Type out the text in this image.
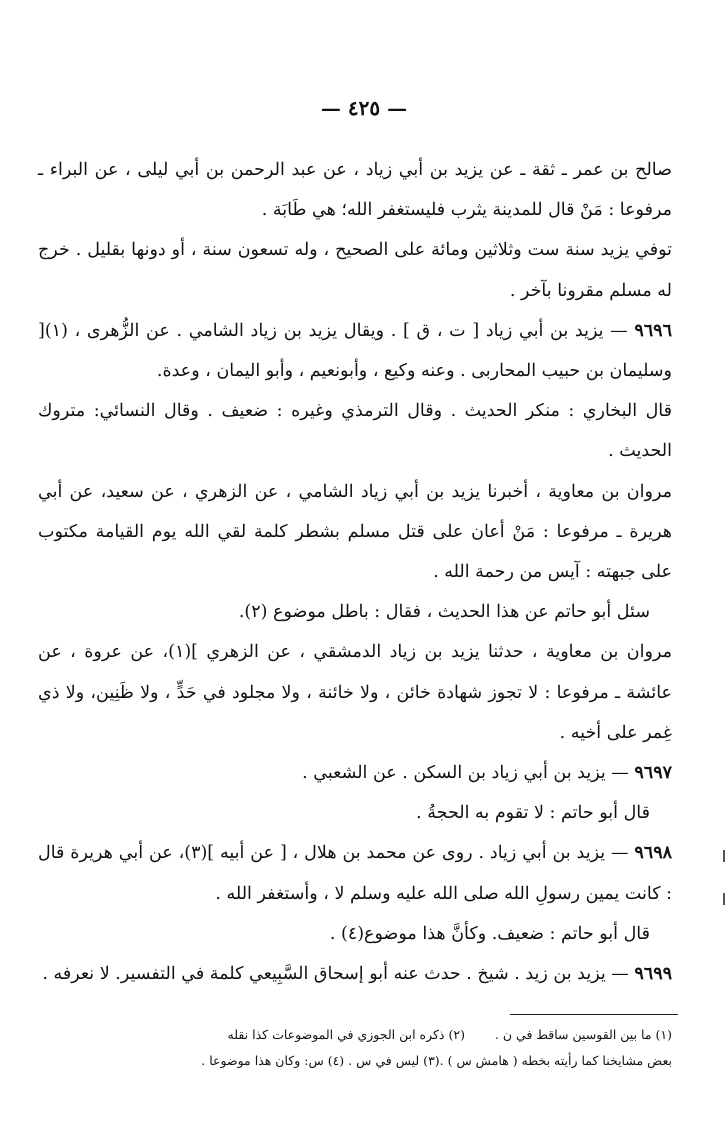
— ٤٢٥ —

صالح بن عمر ـ ثقة ـ عن يزيد بن أبي زياد ، عن عبد الرحمن بن أبي ليلى ، عن البراء ـ مرفوعا : مَنْ قال للمدينة يثرب فليستغفر الله؛ هي طَابَة .

توفي يزيد سنة ست وثلاثين ومائة على الصحيح ، وله تسعون سنة ، أو دونها بقليل . خرج له مسلم مقرونا بآخر .

٩٦٩٦ — يزيد بن أبي زياد [ ت ، ق ] . ويقال يزيد بن زياد الشامي . عن الزُّهرى ، (١)[ وسليمان بن حبيب المحاربى . وعنه وكيع ، وأبونعيم ، وأبو اليمان ، وعدة.

قال البخاري : منكر الحديث . وقال الترمذي وغيره : ضعيف . وقال النسائي: متروك الحديث .

مروان بن معاوية ، أخبرنا يزيد بن أبي زياد الشامي ، عن الزهري ، عن سعيد، عن أبي هريرة ـ مرفوعا : مَنْ أعان على قتل مسلم بشطر كلمة لقي الله يوم القيامة مكتوب على جبهته : آيس من رحمة الله .

سئل أبو حاتم عن هذا الحديث ، فقال : باطل موضوع (٢).

مروان بن معاوية ، حدثنا يزيد بن زياد الدمشقي ، عن الزهري ](١)، عن عروة ، عن عائشة ـ مرفوعا : لا تجوز شهادة خائن ، ولا خائنة ، ولا مجلود في حَدٍّ ، ولا ظَنِين، ولا ذي غِمر على أخيه .

٩٦٩٧ — يزيد بن أبي زياد بن السكن . عن الشعبي .

قال أبو حاتم : لا تقوم به الحجةُ .

٩٦٩٨ — يزيد بن أبي زياد . روى عن محمد بن هلال ، [ عن أبيه ](٣)، عن أبي هريرة قال : كانت يمين رسولِ الله صلى الله عليه وسلم لا ، وأستغفر الله .

قال أبو حاتم : ضعيف. وكأنَّ هذا موضوع(٤) .

٩٦٩٩ — يزيد بن زيد . شيخ . حدث عنه أبو إسحاق السَّبِيعي كلمة في التفسير. لا نعرفه .

(١) ما بين القوسين ساقط في ن .  (٢) ذكره ابن الجوزي في الموضوعات كذا نقله

بعض مشايخنا كما رأيته بخطه ( هامش س ) .(٣) ليس في س . (٤) س: وكان هذا موضوعا .
